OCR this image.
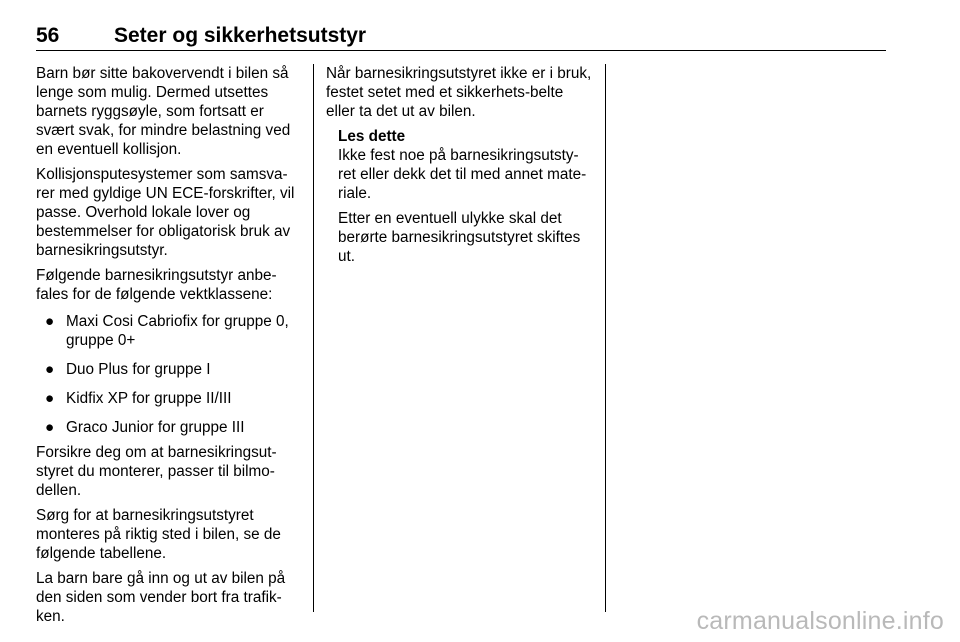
56	Seter og sikkerhetsutstyr

Barn bør sitte bakovervendt i bilen så lenge som mulig. Dermed utsettes barnets ryggsøyle, som fortsatt er svært svak, for mindre belastning ved en eventuell kollisjon.

Kollisjonsputesystemer som samsva-rer med gyldige UN ECE-forskrifter, vil passe. Overhold lokale lover og bestemmelser for obligatorisk bruk av barnesikringsutstyr.

Følgende barnesikringsutstyr anbe-fales for de følgende vektklassene:

● Maxi Cosi Cabriofix for gruppe 0, gruppe 0+
● Duo Plus for gruppe I
● Kidfix XP for gruppe II/III
● Graco Junior for gruppe III

Forsikre deg om at barnesikringsut-styret du monterer, passer til bilmo-dellen.

Sørg for at barnesikringsutstyret monteres på riktig sted i bilen, se de følgende tabellene.

La barn bare gå inn og ut av bilen på den siden som vender bort fra trafik-ken.

Når barnesikringsutstyret ikke er i bruk, festet setet med et sikkerhets-belte eller ta det ut av bilen.

Les dette

Ikke fest noe på barnesikringsutsty-ret eller dekk det til med annet mate-riale.

Etter en eventuell ulykke skal det berørte barnesikringsutstyret skiftes ut.

carmanualsonline.info
